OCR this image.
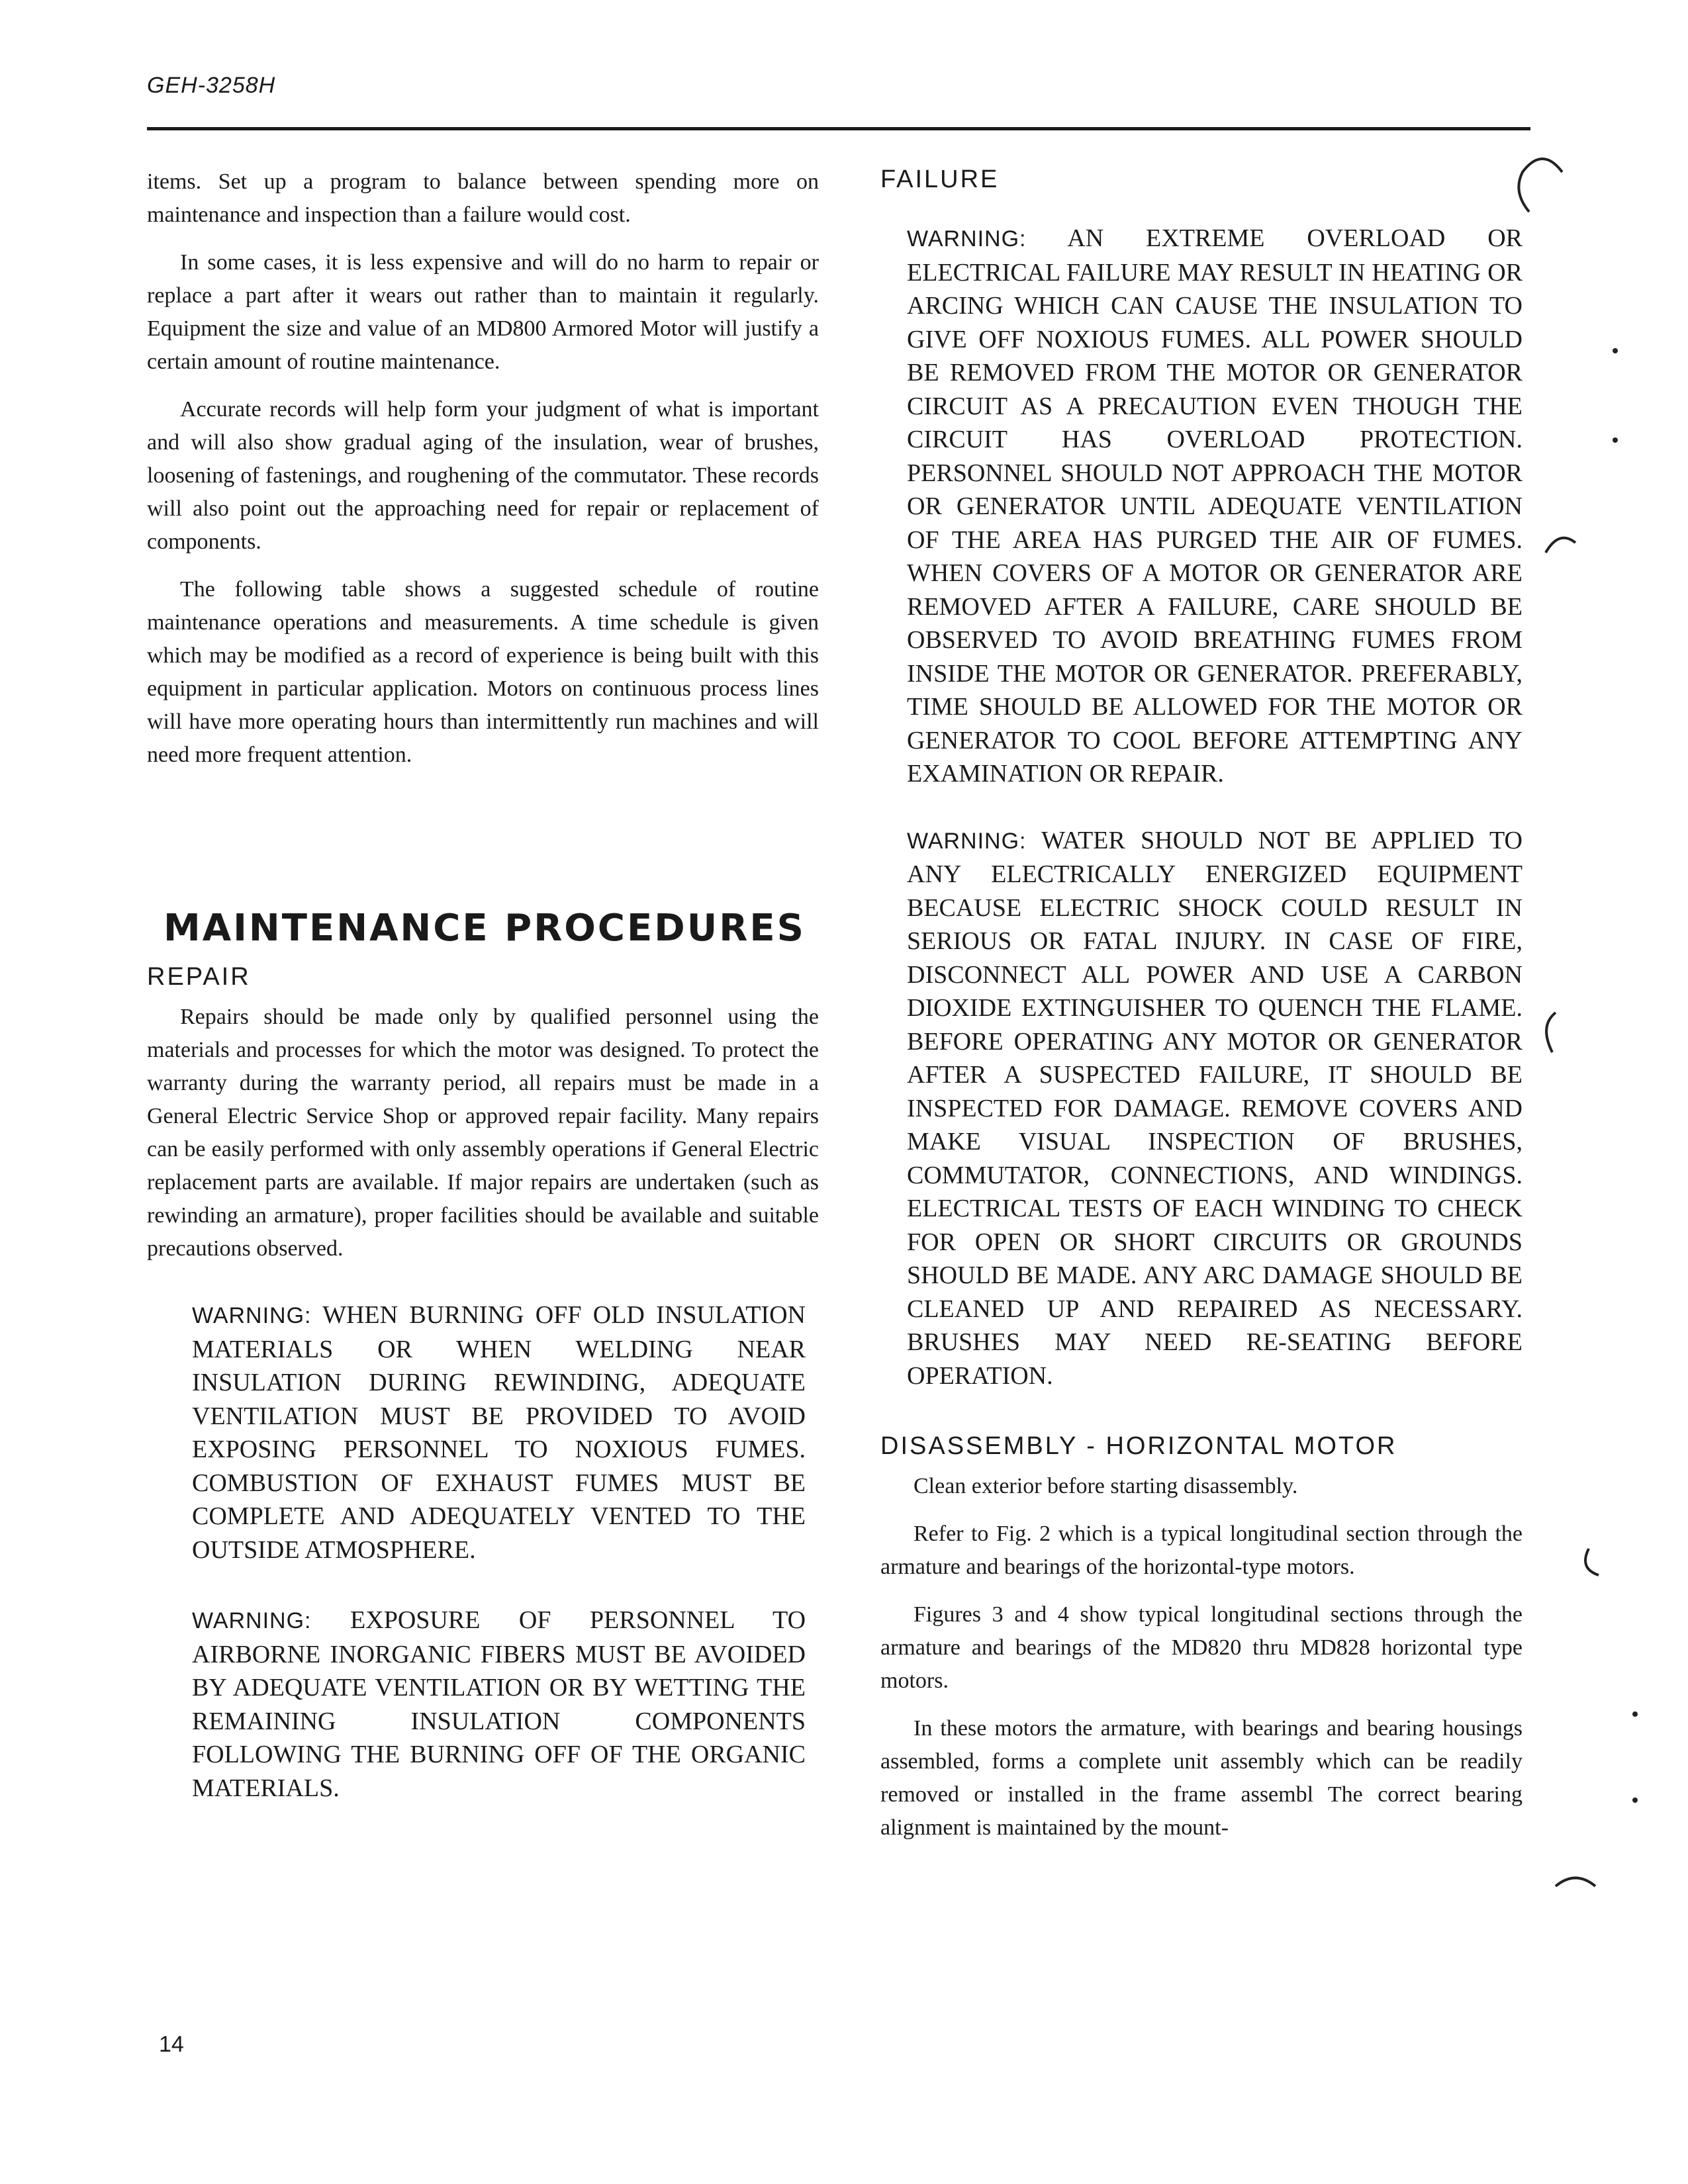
GEH-3258H

items. Set up a program to balance between spending more on maintenance and inspection than a failure would cost.

In some cases, it is less expensive and will do no harm to repair or replace a part after it wears out rather than to maintain it regularly. Equipment the size and value of an MD800 Armored Motor will justify a certain amount of routine maintenance.

Accurate records will help form your judgment of what is important and will also show gradual aging of the insulation, wear of brushes, loosening of fastenings, and roughening of the commutator. These records will also point out the approaching need for repair or replacement of components.

The following table shows a suggested schedule of routine maintenance operations and measurements. A time schedule is given which may be modified as a record of experience is being built with this equipment in particular application. Motors on continuous process lines will have more operating hours than intermittently run machines and will need more frequent attention.

MAINTENANCE PROCEDURES
REPAIR

Repairs should be made only by qualified personnel using the materials and processes for which the motor was designed. To protect the warranty during the warranty period, all repairs must be made in a General Electric Service Shop or approved repair facility. Many repairs can be easily performed with only assembly operations if General Electric replacement parts are available. If major repairs are undertaken (such as rewinding an armature), proper facilities should be available and suitable precautions observed.

WARNING: WHEN BURNING OFF OLD INSULATION MATERIALS OR WHEN WELDING NEAR INSULATION DURING REWINDING, ADEQUATE VENTILATION MUST BE PROVIDED TO AVOID EXPOSING PERSONNEL TO NOXIOUS FUMES. COMBUSTION OF EXHAUST FUMES MUST BE COMPLETE AND ADEQUATELY VENTED TO THE OUTSIDE ATMOSPHERE.
WARNING: EXPOSURE OF PERSONNEL TO AIRBORNE INORGANIC FIBERS MUST BE AVOIDED BY ADEQUATE VENTILATION OR BY WETTING THE REMAINING INSULATION COMPONENTS FOLLOWING THE BURNING OFF OF THE ORGANIC MATERIALS.
FAILURE
WARNING: AN EXTREME OVERLOAD OR ELECTRICAL FAILURE MAY RESULT IN HEATING OR ARCING WHICH CAN CAUSE THE INSULATION TO GIVE OFF NOXIOUS FUMES. ALL POWER SHOULD BE REMOVED FROM THE MOTOR OR GENERATOR CIRCUIT AS A PRECAUTION EVEN THOUGH THE CIRCUIT HAS OVERLOAD PROTECTION. PERSONNEL SHOULD NOT APPROACH THE MOTOR OR GENERATOR UNTIL ADEQUATE VENTILATION OF THE AREA HAS PURGED THE AIR OF FUMES. WHEN COVERS OF A MOTOR OR GENERATOR ARE REMOVED AFTER A FAILURE, CARE SHOULD BE OBSERVED TO AVOID BREATHING FUMES FROM INSIDE THE MOTOR OR GENERATOR. PREFERABLY, TIME SHOULD BE ALLOWED FOR THE MOTOR OR GENERATOR TO COOL BEFORE ATTEMPTING ANY EXAMINATION OR REPAIR.
WARNING: WATER SHOULD NOT BE APPLIED TO ANY ELECTRICALLY ENERGIZED EQUIPMENT BECAUSE ELECTRIC SHOCK COULD RESULT IN SERIOUS OR FATAL INJURY. IN CASE OF FIRE, DISCONNECT ALL POWER AND USE A CARBON DIOXIDE EXTINGUISHER TO QUENCH THE FLAME. BEFORE OPERATING ANY MOTOR OR GENERATOR AFTER A SUSPECTED FAILURE, IT SHOULD BE INSPECTED FOR DAMAGE. REMOVE COVERS AND MAKE VISUAL INSPECTION OF BRUSHES, COMMUTATOR, CONNECTIONS, AND WINDINGS. ELECTRICAL TESTS OF EACH WINDING TO CHECK FOR OPEN OR SHORT CIRCUITS OR GROUNDS SHOULD BE MADE. ANY ARC DAMAGE SHOULD BE CLEANED UP AND REPAIRED AS NECESSARY. BRUSHES MAY NEED RE-SEATING BEFORE OPERATION.
DISASSEMBLY - HORIZONTAL MOTOR

Clean exterior before starting disassembly.

Refer to Fig. 2 which is a typical longitudinal section through the armature and bearings of the horizontal-type motors.

Figures 3 and 4 show typical longitudinal sections through the armature and bearings of the MD820 thru MD828 horizontal type motors.

In these motors the armature, with bearings and bearing housings assembled, forms a complete unit assembly which can be readily removed or installed in the frame assembl The correct bearing alignment is maintained by the mount-

14
